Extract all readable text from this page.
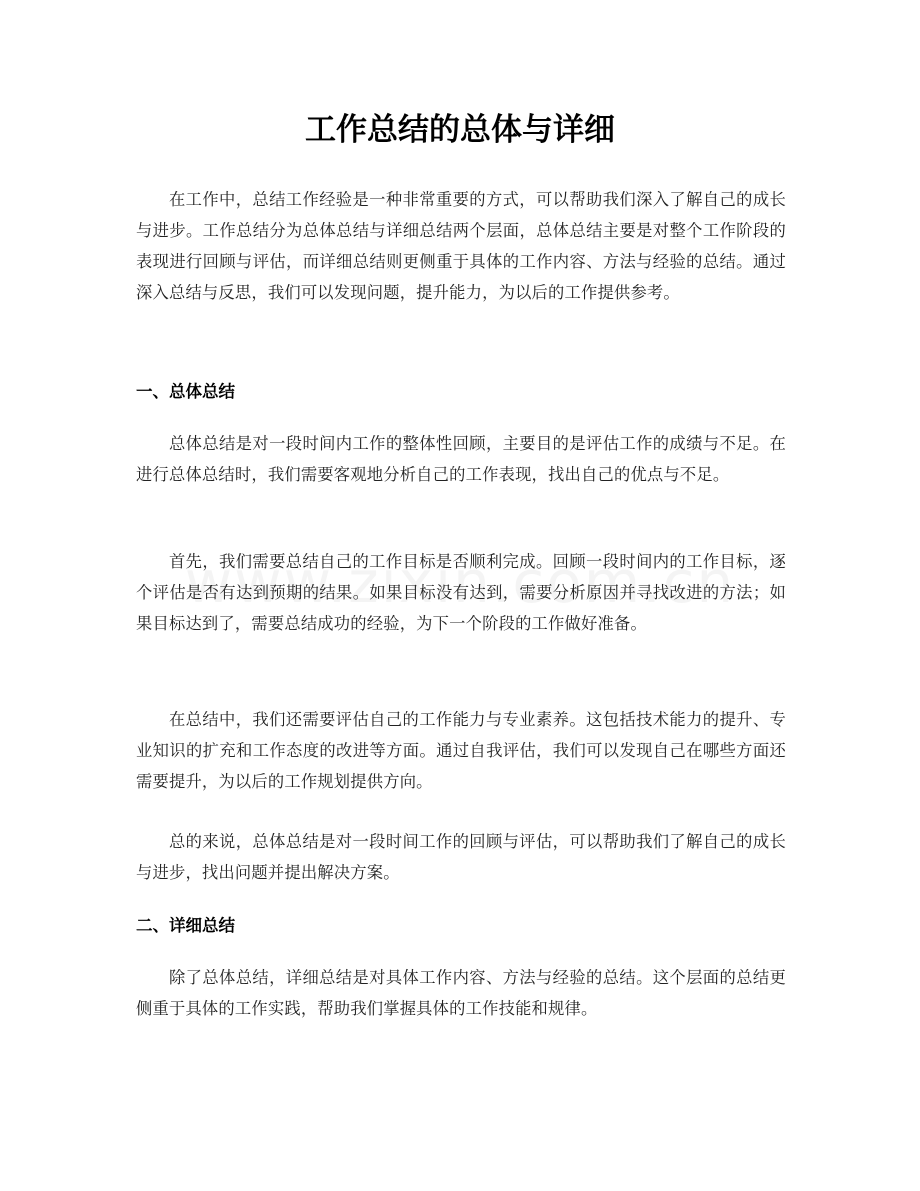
工作总结的总体与详细

在工作中，总结工作经验是一种非常重要的方式，可以帮助我们深入了解自己的成长与进步。工作总结分为总体总结与详细总结两个层面，总体总结主要是对整个工作阶段的表现进行回顾与评估，而详细总结则更侧重于具体的工作内容、方法与经验的总结。通过深入总结与反思，我们可以发现问题，提升能力，为以后的工作提供参考。

一、总体总结

总体总结是对一段时间内工作的整体性回顾，主要目的是评估工作的成绩与不足。在进行总体总结时，我们需要客观地分析自己的工作表现，找出自己的优点与不足。

首先，我们需要总结自己的工作目标是否顺利完成。回顾一段时间内的工作目标，逐个评估是否有达到预期的结果。如果目标没有达到，需要分析原因并寻找改进的方法；如果目标达到了，需要总结成功的经验，为下一个阶段的工作做好准备。

在总结中，我们还需要评估自己的工作能力与专业素养。这包括技术能力的提升、专业知识的扩充和工作态度的改进等方面。通过自我评估，我们可以发现自己在哪些方面还需要提升，为以后的工作规划提供方向。

总的来说，总体总结是对一段时间工作的回顾与评估，可以帮助我们了解自己的成长与进步，找出问题并提出解决方案。

二、详细总结

除了总体总结，详细总结是对具体工作内容、方法与经验的总结。这个层面的总结更侧重于具体的工作实践，帮助我们掌握具体的工作技能和规律。
